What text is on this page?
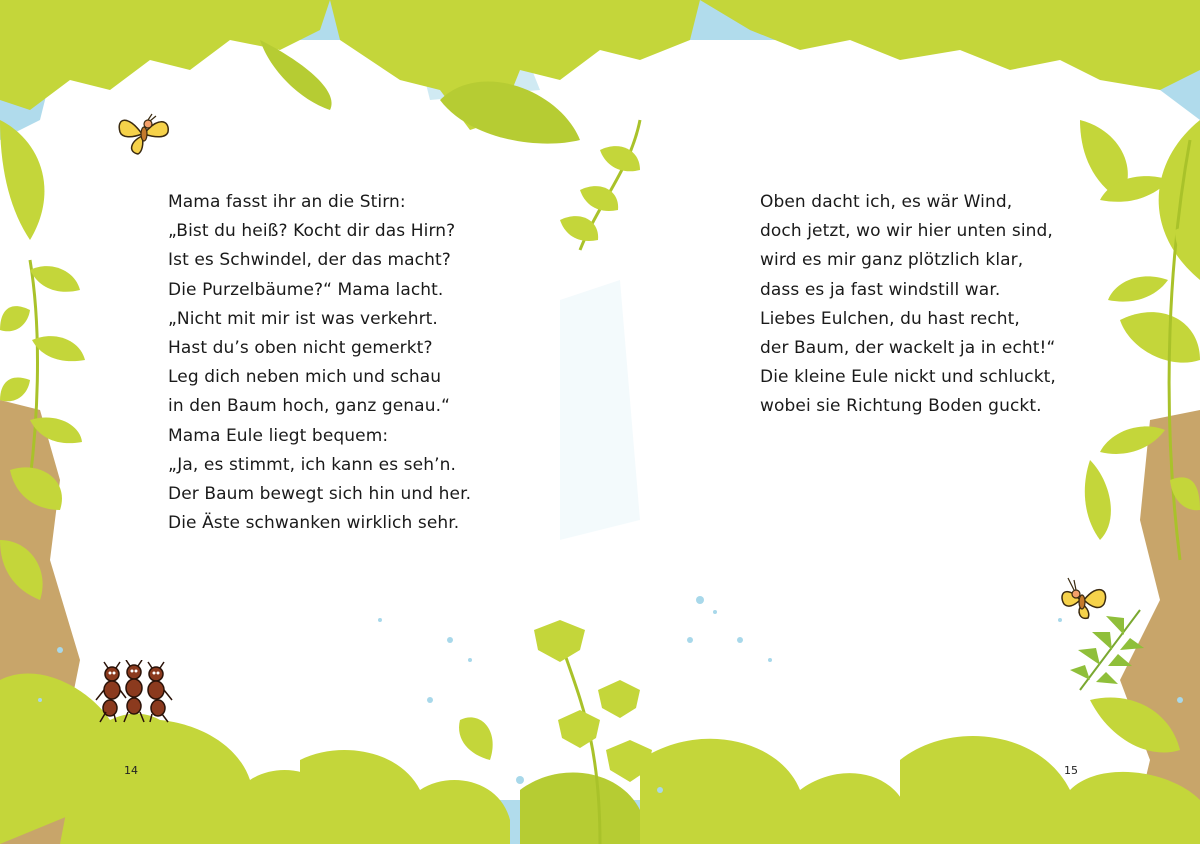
Mama fasst ihr an die Stirn:
„Bist du heiß? Kocht dir das Hirn?
Ist es Schwindel, der das macht?
Die Purzelbäume?“ Mama lacht.
„Nicht mit mir ist was verkehrt.
Hast du’s oben nicht gemerkt?
Leg dich neben mich und schau
in den Baum hoch, ganz genau.“
Mama Eule liegt bequem:
„Ja, es stimmt, ich kann es seh’n.
Der Baum bewegt sich hin und her.
Die Äste schwanken wirklich sehr.
Oben dacht ich, es wär Wind,
doch jetzt, wo wir hier unten sind,
wird es mir ganz plötzlich klar,
dass es ja fast windstill war.
Liebes Eulchen, du hast recht,
der Baum, der wackelt ja in echt!“
Die kleine Eule nickt und schluckt,
wobei sie Richtung Boden guckt.
14	15
